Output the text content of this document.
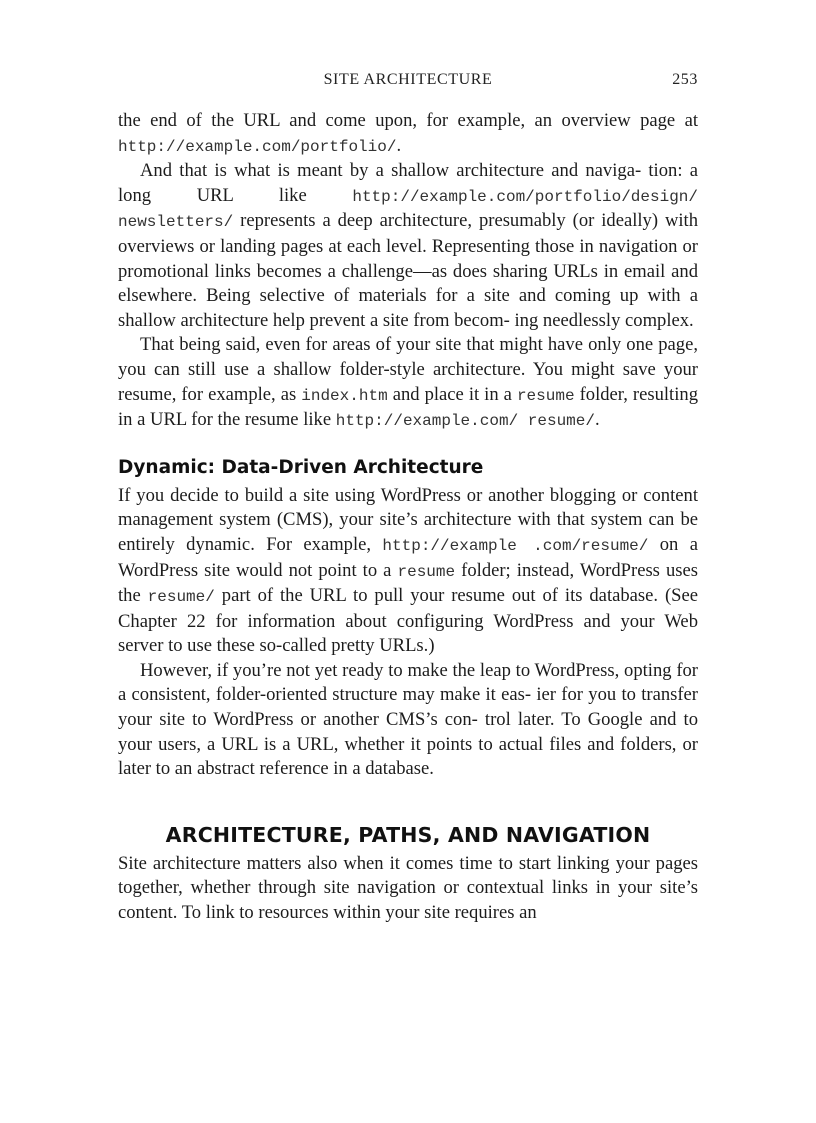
SITE ARCHITECTURE	253

the end of the URL and come upon, for example, an overview page at http://example.com/portfolio/.

And that is what is meant by a shallow architecture and naviga- tion: a long URL like http://example.com/portfolio/design/ newsletters/ represents a deep architecture, presumably (or ideally) with overviews or landing pages at each level. Representing those in navigation or promotional links becomes a challenge—as does sharing URLs in email and elsewhere. Being selective of materials for a site and coming up with a shallow architecture help prevent a site from becom- ing needlessly complex.

That being said, even for areas of your site that might have only one page, you can still use a shallow folder-style architecture. You might save your resume, for example, as index.htm and place it in a resume folder, resulting in a URL for the resume like http://example.com/ resume/.

Dynamic: Data-Driven Architecture

If you decide to build a site using WordPress or another blogging or content management system (CMS), your site’s architecture with that system can be entirely dynamic. For example, http://example .com/resume/ on a WordPress site would not point to a resume folder; instead, WordPress uses the resume/ part of the URL to pull your resume out of its database. (See Chapter 22 for information about configuring WordPress and your Web server to use these so-called pretty URLs.)

However, if you’re not yet ready to make the leap to WordPress, opting for a consistent, folder-oriented structure may make it eas- ier for you to transfer your site to WordPress or another CMS’s con- trol later. To Google and to your users, a URL is a URL, whether it points to actual files and folders, or later to an abstract reference in a database.

ARCHITECTURE, PATHS, AND NAVIGATION

Site architecture matters also when it comes time to start linking your pages together, whether through site navigation or contextual links in your site’s content. To link to resources within your site requires an
